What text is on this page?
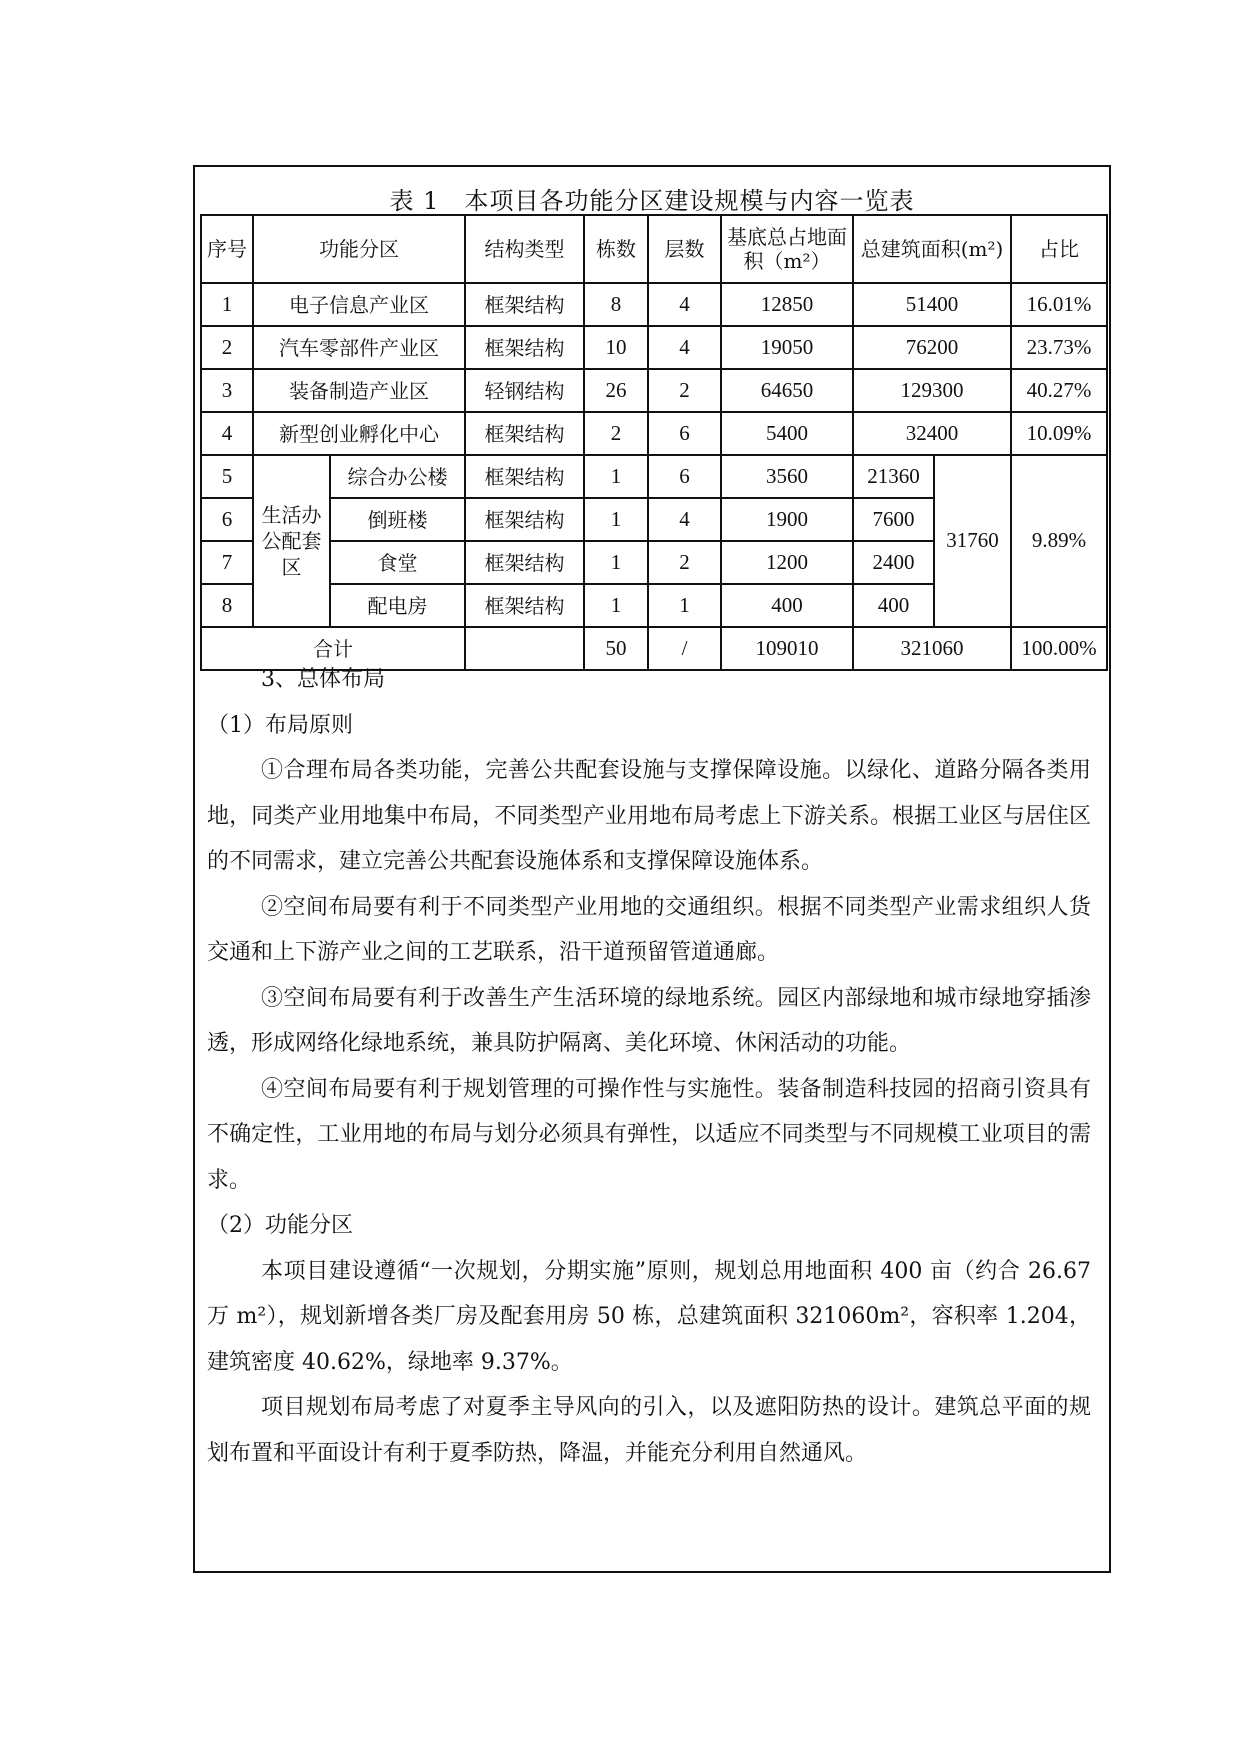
表 1　本项目各功能分区建设规模与内容一览表
序号	功能分区		结构类型	栋数	层数	基底总占地面积（m²）	总建筑面积(m²)		占比
1	电子信息产业区		框架结构	8	4	12850	51400		16.01%
2	汽车零部件产业区		框架结构	10	4	19050	76200		23.73%
3	装备制造产业区		轻钢结构	26	2	64650	129300		40.27%
4	新型创业孵化中心		框架结构	2	6	5400	32400		10.09%
5	生活办公配套区	综合办公楼	框架结构	1	6	3560	21360	31760	9.89%
6		倒班楼	框架结构	1	4	1900	7600		
7		食堂	框架结构	1	2	1200	2400		
8		配电房	框架结构	1	1	400	400		
合计				50	/	109010	321060		100.00%

3、总体布局

（1）布局原则

①合理布局各类功能，完善公共配套设施与支撑保障设施。以绿化、道路分隔各类用地，同类产业用地集中布局，不同类型产业用地布局考虑上下游关系。根据工业区与居住区的不同需求，建立完善公共配套设施体系和支撑保障设施体系。

②空间布局要有利于不同类型产业用地的交通组织。根据不同类型产业需求组织人货交通和上下游产业之间的工艺联系，沿干道预留管道通廊。

③空间布局要有利于改善生产生活环境的绿地系统。园区内部绿地和城市绿地穿插渗透，形成网络化绿地系统，兼具防护隔离、美化环境、休闲活动的功能。

④空间布局要有利于规划管理的可操作性与实施性。装备制造科技园的招商引资具有不确定性，工业用地的布局与划分必须具有弹性，以适应不同类型与不同规模工业项目的需求。

（2）功能分区

本项目建设遵循“一次规划，分期实施”原则，规划总用地面积 400 亩（约合 26.67 万 m²），规划新增各类厂房及配套用房 50 栋，总建筑面积 321060m²，容积率 1.204，建筑密度 40.62%，绿地率 9.37%。

项目规划布局考虑了对夏季主导风向的引入，以及遮阳防热的设计。建筑总平面的规划布置和平面设计有利于夏季防热，降温，并能充分利用自然通风。
